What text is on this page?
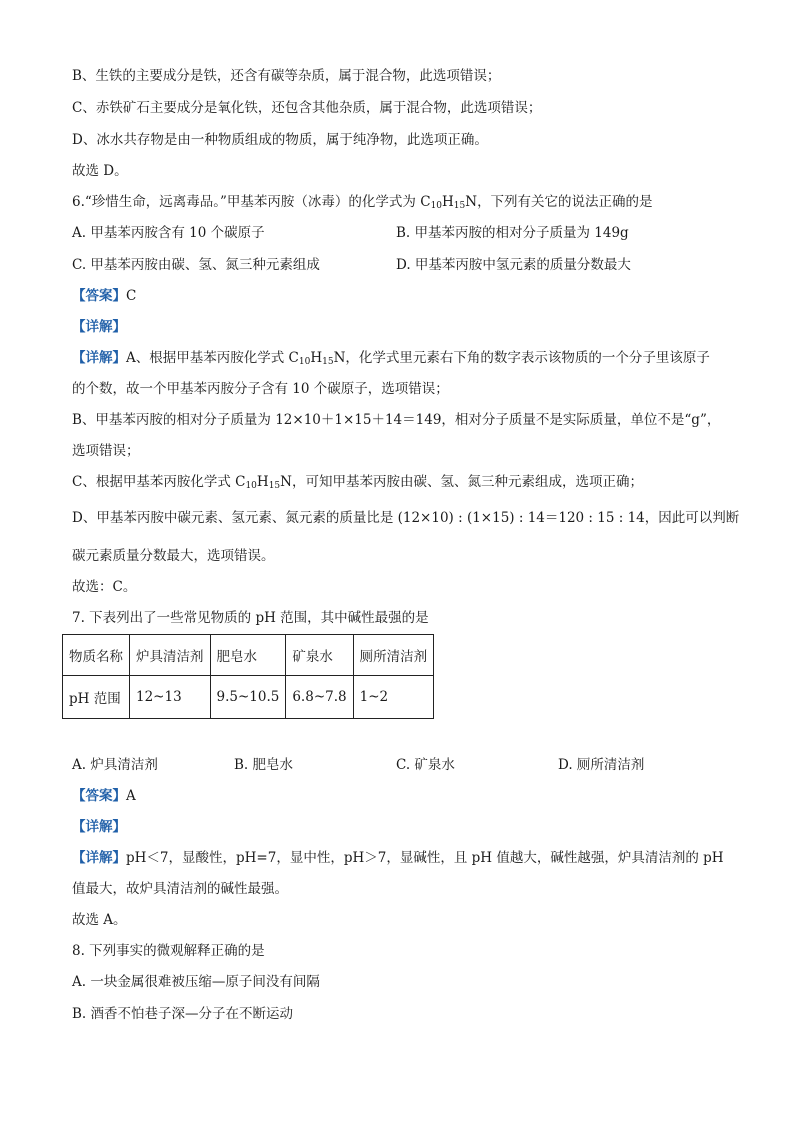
B、生铁的主要成分是铁，还含有碳等杂质，属于混合物，此选项错误；
C、赤铁矿石主要成分是氧化铁，还包含其他杂质，属于混合物，此选项错误；
D、冰水共存物是由一种物质组成的物质，属于纯净物，此选项正确。
故选 D。
6.“珍惜生命，远离毒品。”甲基苯丙胺（冰毒）的化学式为 $C_{10}H_{15}N$，下列有关它的说法正确的是
A. 甲基苯丙胺含有 10 个碳原子	B. 甲基苯丙胺的相对分子质量为 149g
C. 甲基苯丙胺由碳、氢、氮三种元素组成	D. 甲基苯丙胺中氢元素的质量分数最大
【答案】C
【详解】
【详解】A、根据甲基苯丙胺化学式 $C_{10}H_{15}N$，化学式里元素右下角的数字表示该物质的一个分子里该原子
的个数，故一个甲基苯丙胺分子含有 10 个碳原子，选项错误；
B、甲基苯丙胺的相对分子质量为 12×10＋1×15＋14＝149，相对分子质量不是实际质量，单位不是“g”，
选项错误；
C、根据甲基苯丙胺化学式 $C_{10}H_{15}N$，可知甲基苯丙胺由碳、氢、氮三种元素组成，选项正确；
D、甲基苯丙胺中碳元素、氢元素、氮元素的质量比是 (12×10) : (1×15) : 14＝120 : 15 : 14，因此可以判断
碳元素质量分数最大，选项错误。
故选：C。
7. 下表列出了一些常见物质的 pH 范围，其中碱性最强的是
物质名称	炉具清洁剂	肥皂水	矿泉水	厕所清洁剂
pH 范围	12~13	9.5~10.5	6.8~7.8	1~2
A. 炉具清洁剂	B. 肥皂水	C. 矿泉水	D. 厕所清洁剂
【答案】A
【详解】
【详解】pH＜7，显酸性，pH=7，显中性，pH＞7，显碱性，且 pH 值越大，碱性越强，炉具清洁剂的 pH
值最大，故炉具清洁剂的碱性最强。
故选 A。
8. 下列事实的微观解释正确的是
A. 一块金属很难被压缩—原子间没有间隔
B. 酒香不怕巷子深—分子在不断运动
